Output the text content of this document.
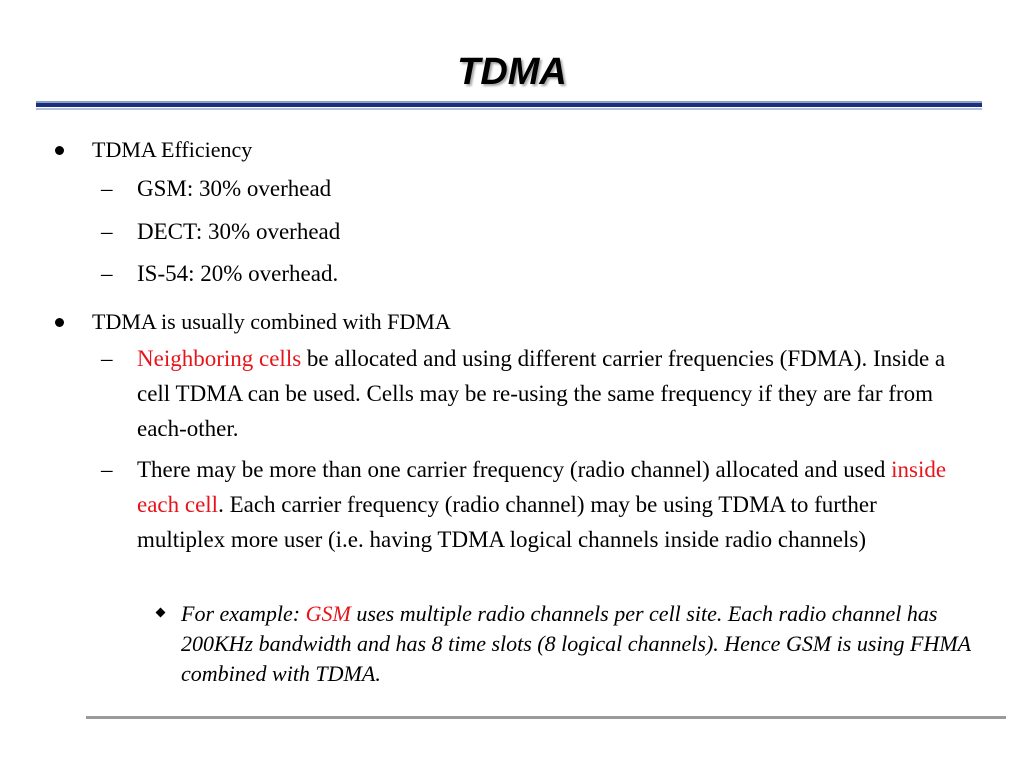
TDMA
TDMA Efficiency
– GSM: 30% overhead
– DECT: 30% overhead
– IS-54: 20% overhead.
TDMA is usually combined with FDMA
– Neighboring cells be allocated and using different carrier frequencies (FDMA). Inside a cell TDMA can be used. Cells may be re-using the same frequency if they are far from each-other.
– There may be more than one carrier frequency (radio channel) allocated and used inside each cell. Each carrier frequency (radio channel) may be using TDMA to further multiplex more user (i.e. having TDMA logical channels inside radio channels)
For example: GSM uses multiple radio channels per cell site. Each radio channel has 200KHz bandwidth and has 8 time slots (8 logical channels). Hence GSM is using FHMA combined with TDMA.
